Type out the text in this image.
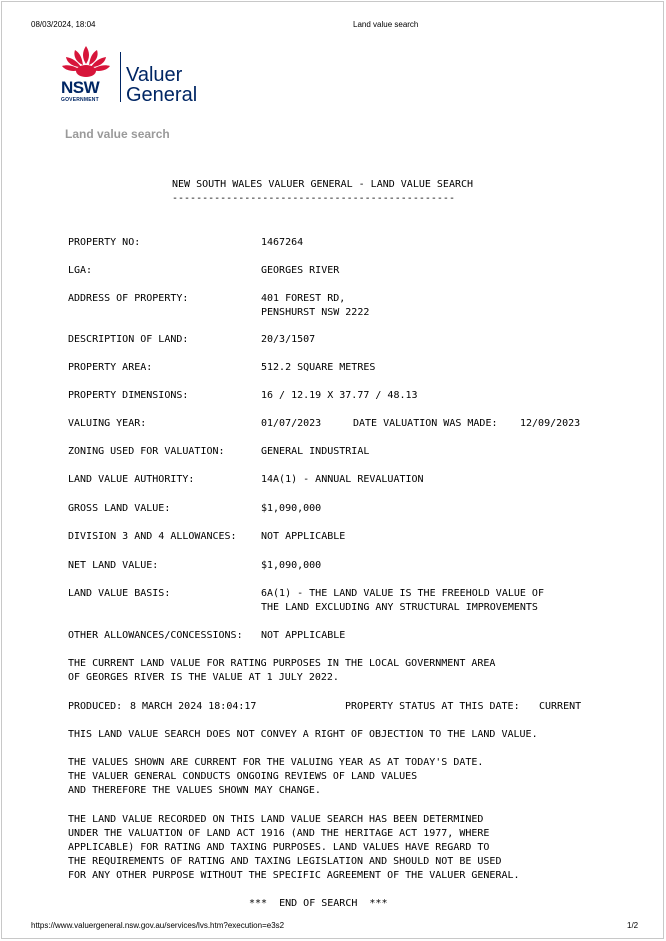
08/03/2024, 18:04	Land value search
NSW
GOVERNMENT
Valuer
General
Land value search
NEW SOUTH WALES VALUER GENERAL - LAND VALUE SEARCH
-----------------------------------------------
PROPERTY NO:	1467264
LGA:	GEORGES RIVER
ADDRESS OF PROPERTY:	401 FOREST RD,
PENSHURST NSW 2222
DESCRIPTION OF LAND:	20/3/1507
PROPERTY AREA:	512.2 SQUARE METRES
PROPERTY DIMENSIONS:	16 / 12.19 X 37.77 / 48.13
VALUING YEAR:	01/07/2023	DATE VALUATION WAS MADE: 12/09/2023
ZONING USED FOR VALUATION:	GENERAL INDUSTRIAL
LAND VALUE AUTHORITY:	14A(1) - ANNUAL REVALUATION
GROSS LAND VALUE:	$1,090,000
DIVISION 3 AND 4 ALLOWANCES: NOT APPLICABLE
NET LAND VALUE:	$1,090,000
LAND VALUE BASIS:	6A(1) - THE LAND VALUE IS THE FREEHOLD VALUE OF
THE LAND EXCLUDING ANY STRUCTURAL IMPROVEMENTS
OTHER ALLOWANCES/CONCESSIONS: NOT APPLICABLE
THE CURRENT LAND VALUE FOR RATING PURPOSES IN THE LOCAL GOVERNMENT AREA
OF GEORGES RIVER IS THE VALUE AT 1 JULY 2022.
PRODUCED: 8 MARCH 2024 18:04:17	PROPERTY STATUS AT THIS DATE: CURRENT
THIS LAND VALUE SEARCH DOES NOT CONVEY A RIGHT OF OBJECTION TO THE LAND VALUE.
THE VALUES SHOWN ARE CURRENT FOR THE VALUING YEAR AS AT TODAY'S DATE.
THE VALUER GENERAL CONDUCTS ONGOING REVIEWS OF LAND VALUES
AND THEREFORE THE VALUES SHOWN MAY CHANGE.
THE LAND VALUE RECORDED ON THIS LAND VALUE SEARCH HAS BEEN DETERMINED
UNDER THE VALUATION OF LAND ACT 1916 (AND THE HERITAGE ACT 1977, WHERE
APPLICABLE) FOR RATING AND TAXING PURPOSES. LAND VALUES HAVE REGARD TO
THE REQUIREMENTS OF RATING AND TAXING LEGISLATION AND SHOULD NOT BE USED
FOR ANY OTHER PURPOSE WITHOUT THE SPECIFIC AGREEMENT OF THE VALUER GENERAL.
***  END OF SEARCH  ***
https://www.valuergeneral.nsw.gov.au/services/lvs.htm?execution=e3s2	1/2
